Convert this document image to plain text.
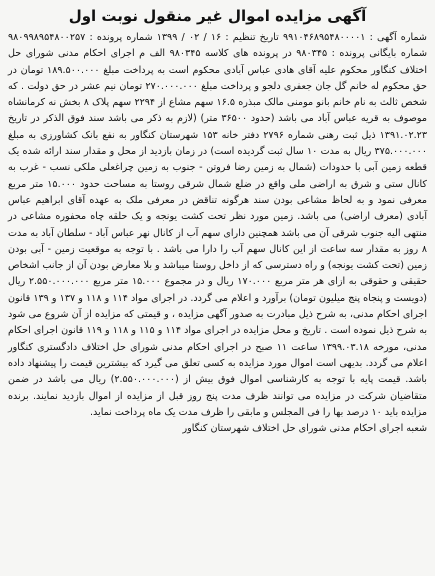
آگهی مزایده اموال غیر منقول نوبت اول

شماره آگهی : ۹۹۱۰۴۶۸۹۵۴۸۰۰۰۰۱ تاریخ تنظیم : ۱۶ / ۰۲ / ۱۳۹۹ شماره پرونده : ۹۸۰۹۹۸۹۵۴۸۰۰۲۵۷ شماره بایگانی پرونده : ۹۸۰۳۴۵ در پرونده های کلاسه ۹۸۰۳۴۵ الف م اجرای احکام مدنی شورای حل اختلاف کنگاور محکوم علیه آقای هادی عباس آبادی محکوم است به پرداخت مبلغ ۱۸۹.۵۰۰.۰۰۰ تومان در حق محکوم له خانم گل جان جعفری دلجو و پرداخت مبلغ ۲۷۰.۰۰۰.۰۰۰ تومان نیم عشر در حق دولت . که شخص ثالث به نام خانم بانو مومنی مالک مبذره ۱۶.۵ سهم مشاع از ۲۲۹۴ سهم پلاک ۸ بخش نه کرمانشاه موصوف به قریه عباس آباد می باشد (حدود ۳۶۵۰۰ متر) (لازم به ذکر می باشد سند فوق الذکر در تاریخ ۱۳۹۱.۰۲.۲۳ ذیل ثبت رهنی شماره ۲۷۹۶ دفتر خانه ۱۵۳ شهرستان کنگاور به نفع بانک کشاورزی به مبلغ ۳۷۵.۰۰۰.۰۰۰ ریال به مدت ۱۰ سال ثبت گردیده است) در زمان بازدید از محل و مقدار سند ارائه شده یک قطعه زمین آبی با حدودات (شمال به زمین رضا فروتن - جنوب به زمین چراغعلی ملکی نسب - غرب به کانال ستی و شرق به اراضی ملی واقع در ضلع شمال شرقی روستا به مساحت حدود ۱۵.۰۰۰ متر مربع معرفی نمود و به لحاظ مشاعی بودن سند هرگونه تناقض در معرفی ملک به عهده آقای ابراهیم عباس آبادی (معرف اراضی) می باشد. زمین مورد نظر تحت کشت یونجه و یک حلقه چاه محفوره مشاعی در منتهی الیه جنوب شرقی آن می باشد همچنین دارای سهم آب از کانال نهر عباس آباد - سلطان آباد به مدت ۸ روز به مقدار سه ساعت از این کانال سهم آب را دارا می باشد . با توجه به موقعیت زمین - آبی بودن زمین (تحت کشت یونجه) و راه دسترسی که از داخل روستا میباشد و بلا معارض بودن آن از جانب اشخاص حقیقی و حقوقی به ازای هر متر مربع ۱۷۰.۰۰۰ ریال و در مجموع ۱۵.۰۰۰ متر مربع ۲.۵۵۰.۰۰۰.۰۰۰ ریال (دویست و پنجاه پنج میلیون تومان) برآورد و اعلام می گردد. در اجرای مواد ۱۱۴ و ۱۱۸ و ۱۳۷ و ۱۳۹ قانون اجرای احکام مدنی، به شرح ذیل مبادرت به صدور آگهی مزایده ، و قیمتی که مزایده از آن شروع می شود به شرح ذیل نموده است . تاریخ و محل مزایده در اجرای مواد ۱۱۴ و ۱۱۵ و ۱۱۸ و ۱۱۹ قانون اجرای احکام مدنی، مورخه ۱۳۹۹.۰۳.۱۸ ساعت ۱۱ صبح در اجرای احکام مدنی شورای حل اختلاف دادگستری کنگاور اعلام می گردد. بدیهی است اموال مورد مزایده به کسی تعلق می گیرد که بیشترین قیمت را پیشنهاد داده باشد. قیمت پایه با توجه به کارشناسی اموال فوق بیش از (۲.۵۵۰.۰۰۰.۰۰۰) ریال می باشد در ضمن متقاضیان شرکت در مزایده می توانند ظرف مدت پنج روز قبل از مزایده از اموال بازدید نمایند. برنده مزایده باید ۱۰ درصد بها را فی المجلس و مابقی را ظرف مدت یک ماه پرداخت نماید.

شعبه اجرای احکام مدنی شورای حل اختلاف شهرستان کنگاور
